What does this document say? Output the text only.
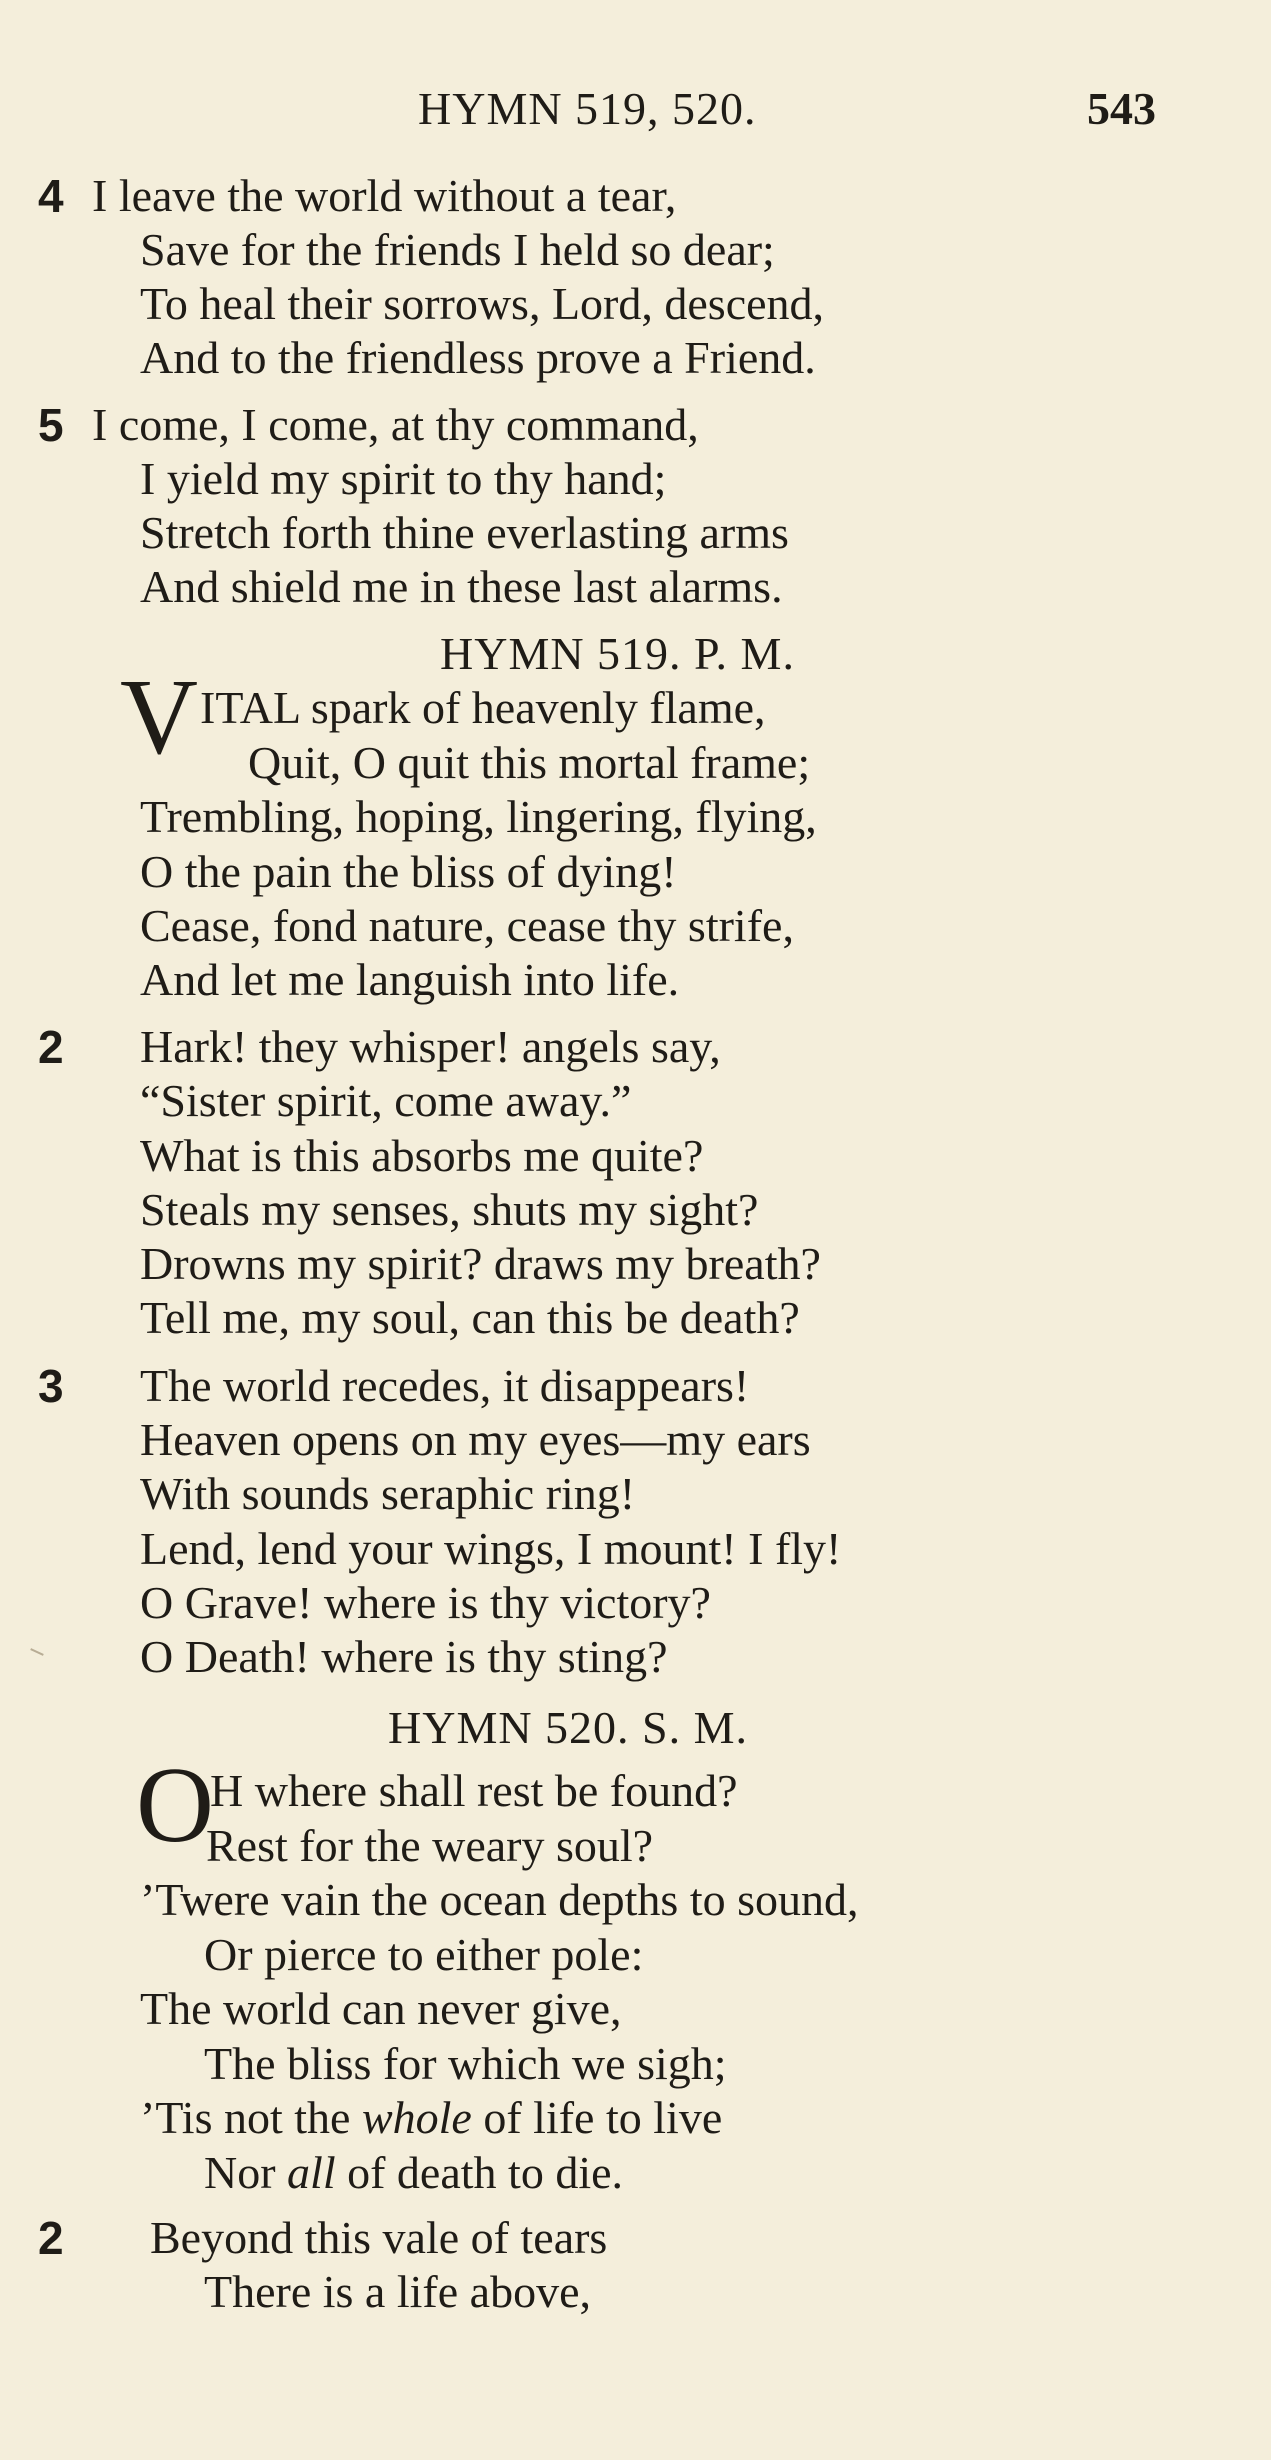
HYMN 519, 520.	543
4 I leave the world without a tear,
Save for the friends I held so dear;
To heal their sorrows, Lord, descend,
And to the friendless prove a Friend.
5 I come, I come, at thy command,
I yield my spirit to thy hand;
Stretch forth thine everlasting arms
And shield me in these last alarms.
HYMN 519. P. M.
V ITAL spark of heavenly flame,
Quit, O quit this mortal frame;
Trembling, hoping, lingering, flying,
O the pain the bliss of dying!
Cease, fond nature, cease thy strife,
And let me languish into life.
2 Hark! they whisper! angels say,
“Sister spirit, come away.”
What is this absorbs me quite?
Steals my senses, shuts my sight?
Drowns my spirit? draws my breath?
Tell me, my soul, can this be death?
3 The world recedes, it disappears!
Heaven opens on my eyes—my ears
With sounds seraphic ring!
Lend, lend your wings, I mount! I fly!
O Grave! where is thy victory?
O Death! where is thy sting?
HYMN 520. S. M.
O
H where shall rest be found?
Rest for the weary soul?
’Twere vain the ocean depths to sound,
Or pierce to either pole:
The world can never give,
The bliss for which we sigh;
’Tis not the whole of life to live
Nor all of death to die.
2 Beyond this vale of tears
There is a life above,
